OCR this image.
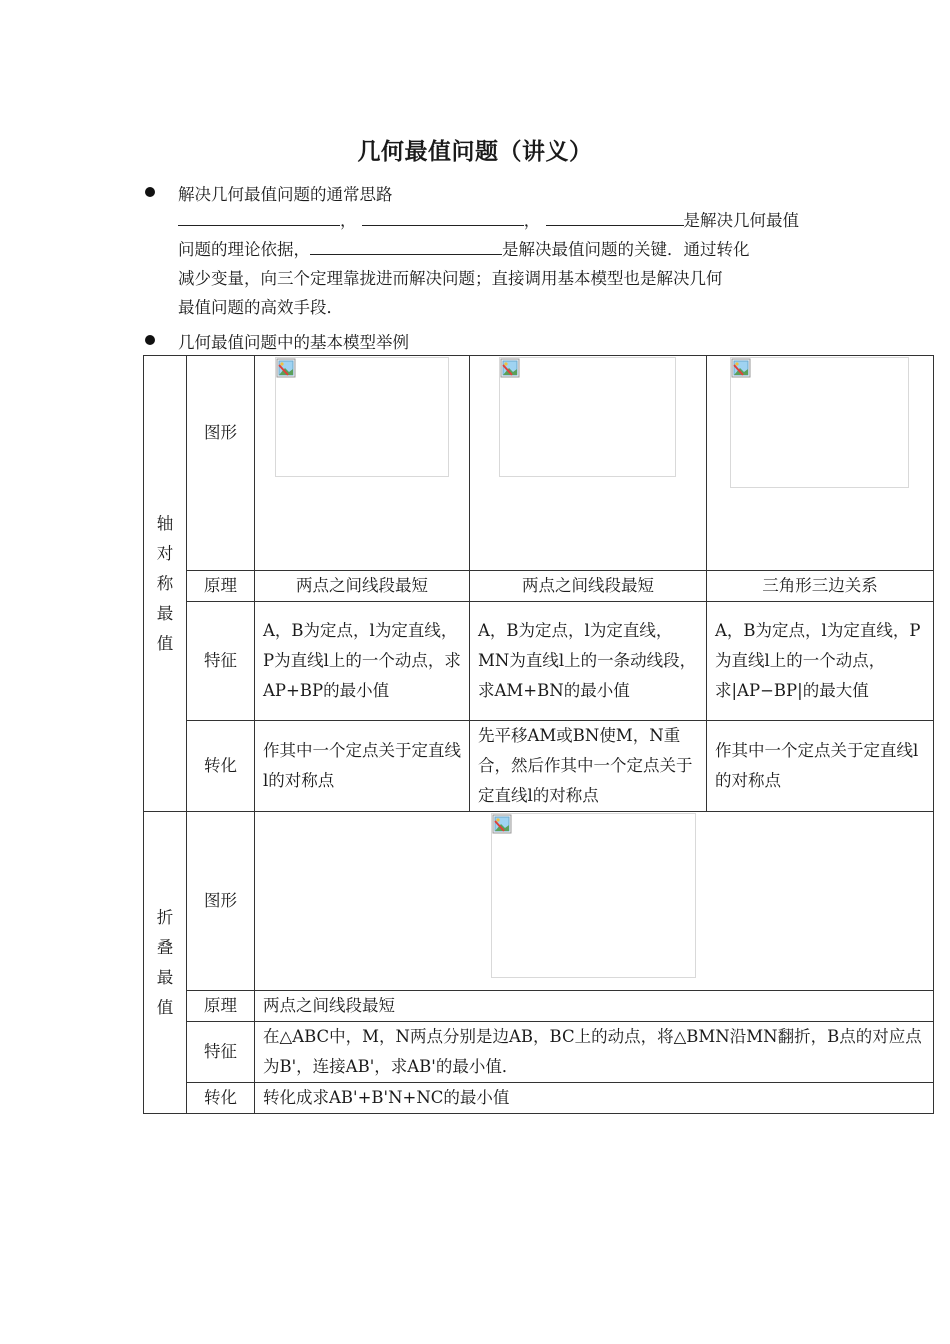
几何最值问题（讲义）
解决几何最值问题的通常思路
，	，	是解决几何最值
问题的理论依据，	是解决最值问题的关键．通过转化
减少变量，向三个定理靠拢进而解决问题；直接调用基本模型也是解决几何
最值问题的高效手段．
几何最值问题中的基本模型举例
轴
对
称
最
值	图形	

	原理	两点之间线段最短	两点之间线段最短	三角形三边关系
	特征	A，B为定点，l为定直线，P为直线l上的一个动点，求AP+BP的最小值	A，B为定点，l为定直线，MN为直线l上的一条动线段，求AM+BN的最小值	A，B为定点，l为定直线，P为直线l上的一个动点，求|AP−BP|的最大值
	转化	作其中一个定点关于定直线l的对称点	先平移AM或BN使M，N重合，然后作其中一个定点关于定直线l的对称点	作其中一个定点关于定直线l的对称点

折
叠
最
值	图形	

	原理	两点之间线段最短		
	特征	在△ABC中，M，N两点分别是边AB，BC上的动点，将△BMN沿MN翻折，B点的对应点为B'，连接AB'，求AB'的最小值．		
	转化	转化成求AB'+B'N+NC的最小值		
